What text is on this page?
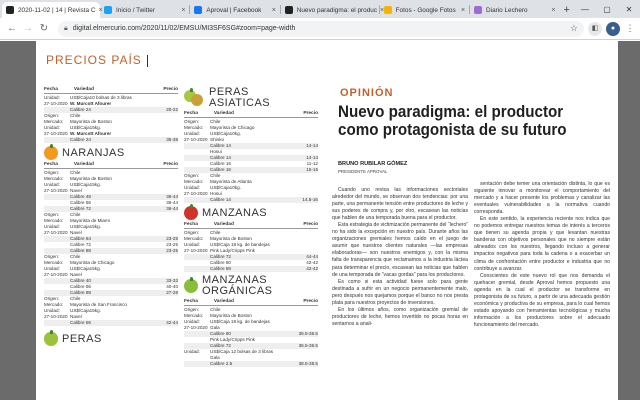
2020-11-02 | 14 | Revista C × Inicio / Twitter	×	Aproval | Facebook	×	Nuevo paradigma: el produc × Fotos - Google Fotos ×	Diario Lechero	× +	—	▢	✕
← → ↻	🔒︎ digital.elmercurio.com/2020/11/02/EMSU/MI3SF6SG#zoom=page-width	☆	◧	●	⋮
PRECIOS PAÍS
Fecha	Variedad	Precio
Unidad:	US$/Caja10 bolsas de 3 libras
27-10-2020 W. Murcott Afourer
Calibre 24	20-22
Origen:	Chile
Mercado:	Mayorista de Boston
Unidad:	US$/Caja15kg.
27-10-2020 W. Murcott Afourer
Calibre 24	35-38
NARANJAS
Fecha	Variedad	Precio
Origen:	Chile
Mercado:	Mayorista de Boston
Unidad:	US$/Caja15kg.
27-10-2020 Navel
Calibre 48	36-44
Calibre 56	36-44
Calibre 72	36-44
Origen:	Chile
Mercado:	Mayorista de Miami
Unidad:	US$/Caja15kg.
27-10-2020 Navel
Calibre 64	23-25
Calibre 72	23-25
Calibre 88	23-25
Origen:	Chile
Mercado:	Mayorista de Chicago
Unidad:	US$/Caja15kg.
27-10-2020 Navel
Calibre 40	33-33
Calibre 56	40-40
Calibre 88	27-28
Origen:	Chile
Mercado:	Mayorista de San Francisco
Unidad:	US$/Caja15kg.
27-10-2020 Navel
Calibre 56	42-44
PERAS
PERAS
ASIATICAS
Fecha	Variedad	Precio
Origen:	Chile
Mercado:	Mayorista de Chicago
Unidad:	US$/Caja10kg.
27-10-2020 Shinko
Calibre 14	14-14
Hosui
Calibre 14	14-14
Calibre 16	11-12
Calibre 16	15-16
Origen:	Chile
Mercado:	Mayorista de Atlanta
Unidad:	US$/Caja10kg.
27-10-2020 Hosui
Calibre 14	14.5-16
MANZANAS
Fecha	Variedad	Precio
Origen:	Chile
Mercado:	Mayorista de Boston
Unidad:	US$/Caja 18 kg. de bandejas
27-10-2020 Pink Lady/Cripps Pink
Calibre 72	44-44
Calibre 80	42-42
Calibre 88	42-42
MANZANAS
ORGÁNICAS
Fecha	Variedad	Precio
Origen:	Chile
Mercado:	Mayorista de Boston
Unidad:	US$/Caja 18 kg. de bandejas
27-10-2020 Gala
Calibre 80	36.5-36.5
Pink Lady/Cripps Pink
Calibre 72	36.5-36.5
Unidad:	US$/Caja 12 bolsas de 3 libras
Gala
Calibre 2.5	38.5-38.5
OPINIÓN
Nuevo paradigma: el productor como protagonista de su futuro
BRUNO RUBILAR GÓMEZ
PRESIDENTE APROVAL

Cuando uno revisa las informaciones sectoriales alrededor del mundo, se observan dos tendencias: por una parte, una permanente tensión entre productores de leche y sus poderes de compra y, por otro, escasean las noticias que hablen de una temporada buena para el productor.

Esta estrategia de victimización permanente del “lechero” no ha sido la excepción en nuestro país. Durante años las organizaciones gremiales hemos caído en el juego de asumir que nuestros clientes naturales —las empresas elaboradoras— son nuestros enemigos y, con la misma falta de transparencia que reclamamos a la industria láctea para determinar el precio, escasean las noticias que hablen de una temporada de “vacas gordas” para los productores.

Es como si esta actividad fuese solo para gente destinada a sufrir en un negocio permanentemente malo, pero después nos quejamos porque el banco no nos presta plata para nuestros proyectos de inversiones.

En los últimos años, como organización gremial de productores de leche, hemos invertido no pocas horas en sentarnos a anali-

sentación debe temer una orientación distinta, lo que es siguiente innovar a monitorear el comportamiento del mercado y a hacer presente los problemas y canalizar las eventuales vulnerabilidades a la normativa cuando corresponda.

En este sentido, la experiencia reciente nos indica que no podemos entregar nuestros temas de interés a terceros que tienen su agenda propia y que levantan nuestras banderas con objetivos personales que no siempre están alineados con los nuestros, llegando incluso a generar impactos negativos para toda la cadena o a exacerbar un clima de confrontación entre productor e industria que no contribuye a avanzar.

Conscientes de este nuevo rol que nos demanda el quehacer gremial, desde Aproval hemos propuesto una agenda en la cual el productor se transforme en protagonista de su futuro, a partir de una adecuada gestión económica y productiva de su empresa, para lo cual hemos estado apoyando con herramientas tecnológicas y mucha información a los productores sobre el adecuado funcionamiento del mercado.
